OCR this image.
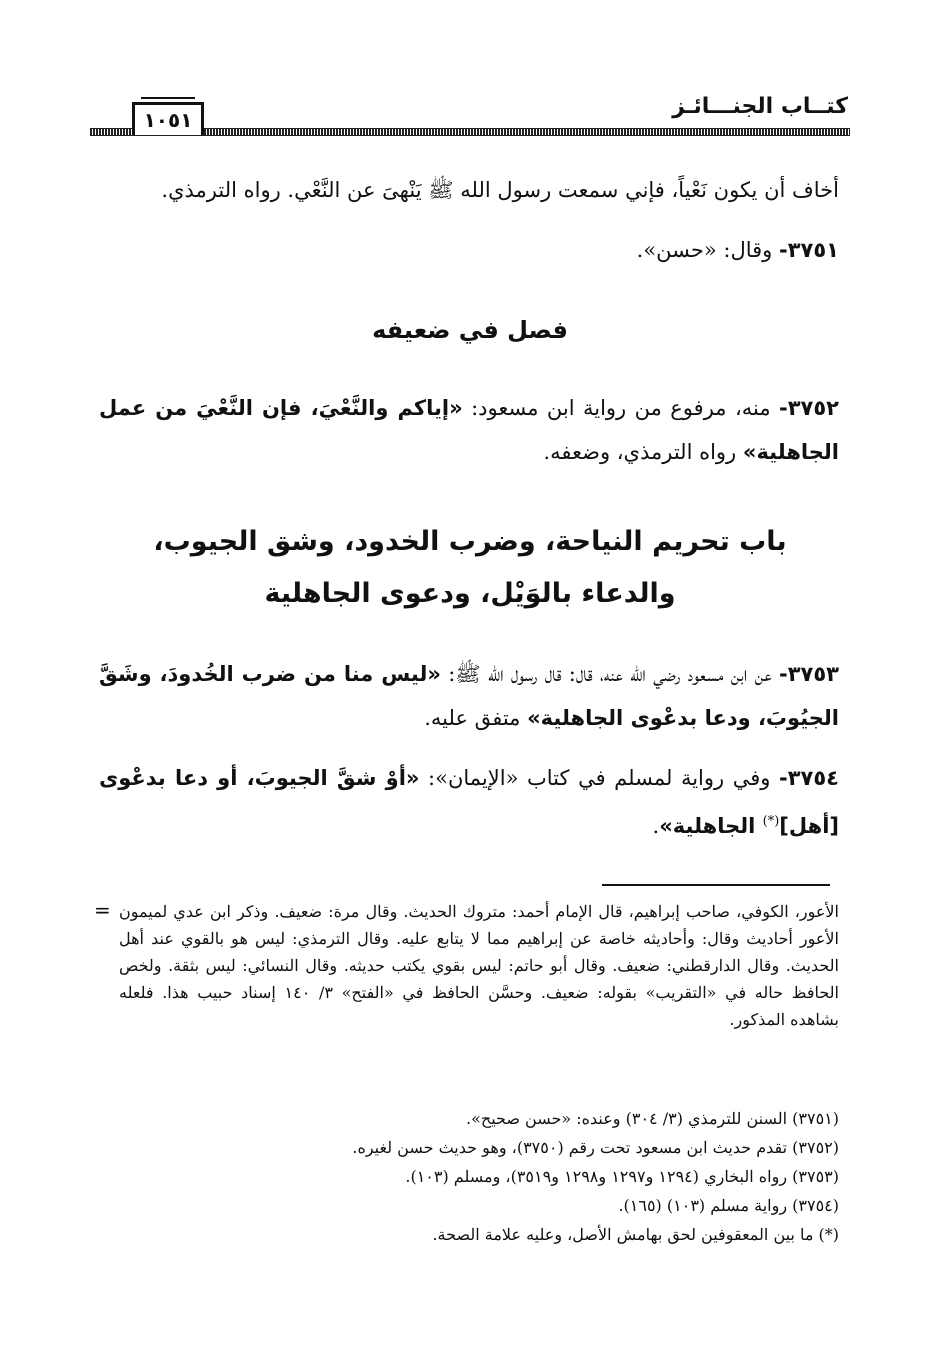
كتــاب الجنـــائـز
١٠٥١
أخاف أن يكون نَعْياً، فإني سمعت رسول الله ﷺ يَنْهىَ عن النَّعْي. رواه الترمذي.
٣٧٥١- وقال: «حسن».
فصل في ضعيفه
٣٧٥٢- منه، مرفوع من رواية ابن مسعود: «إياكم والنَّعْيَ، فإن النَّعْيَ من عمل الجاهلية» رواه الترمذي، وضعفه.
باب تحريم النياحة، وضرب الخدود، وشق الجيوب،
والدعاء بالوَيْل، ودعوى الجاهلية
٣٧٥٣- عن ابن مسعود رضي الله عنه، قال: قال رسول الله ﷺ: «ليس منا من ضرب الخُدودَ، وشَقَّ الجيُوبَ، ودعا بدعْوى الجاهلية» متفق عليه.
٣٧٥٤- وفي رواية لمسلم في كتاب «الإيمان»: «أوْ شقَّ الجيوبَ، أو دعا بدعْوى [أهل](*) الجاهلية».
= الأعور، الكوفي، صاحب إبراهيم، قال الإمام أحمد: متروك الحديث. وقال مرة: ضعيف. وذكر ابن عدي لميمون الأعور أحاديث وقال: وأحاديثه خاصة عن إبراهيم مما لا يتابع عليه. وقال الترمذي: ليس هو بالقوي عند أهل الحديث. وقال الدارقطني: ضعيف. وقال أبو حاتم: ليس بقوي يكتب حديثه. وقال النسائي: ليس بثقة. ولخص الحافظ حاله في «التقريب» بقوله: ضعيف. وحسَّن الحافظ في «الفتح» ٣/ ١٤٠ إسناد حبيب هذا. فلعله بشاهده المذكور.
(٣٧٥١) السنن للترمذي (٣/ ٣٠٤) وعنده: «حسن صحيح».
(٣٧٥٢) تقدم حديث ابن مسعود تحت رقم (٣٧٥٠)، وهو حديث حسن لغيره.
(٣٧٥٣) رواه البخاري (١٢٩٤ و١٢٩٧ و١٢٩٨ و٣٥١٩)، ومسلم (١٠٣).
(٣٧٥٤) رواية مسلم (١٠٣) (١٦٥).
(*) ما بين المعقوفين لحق بهامش الأصل، وعليه علامة الصحة.
